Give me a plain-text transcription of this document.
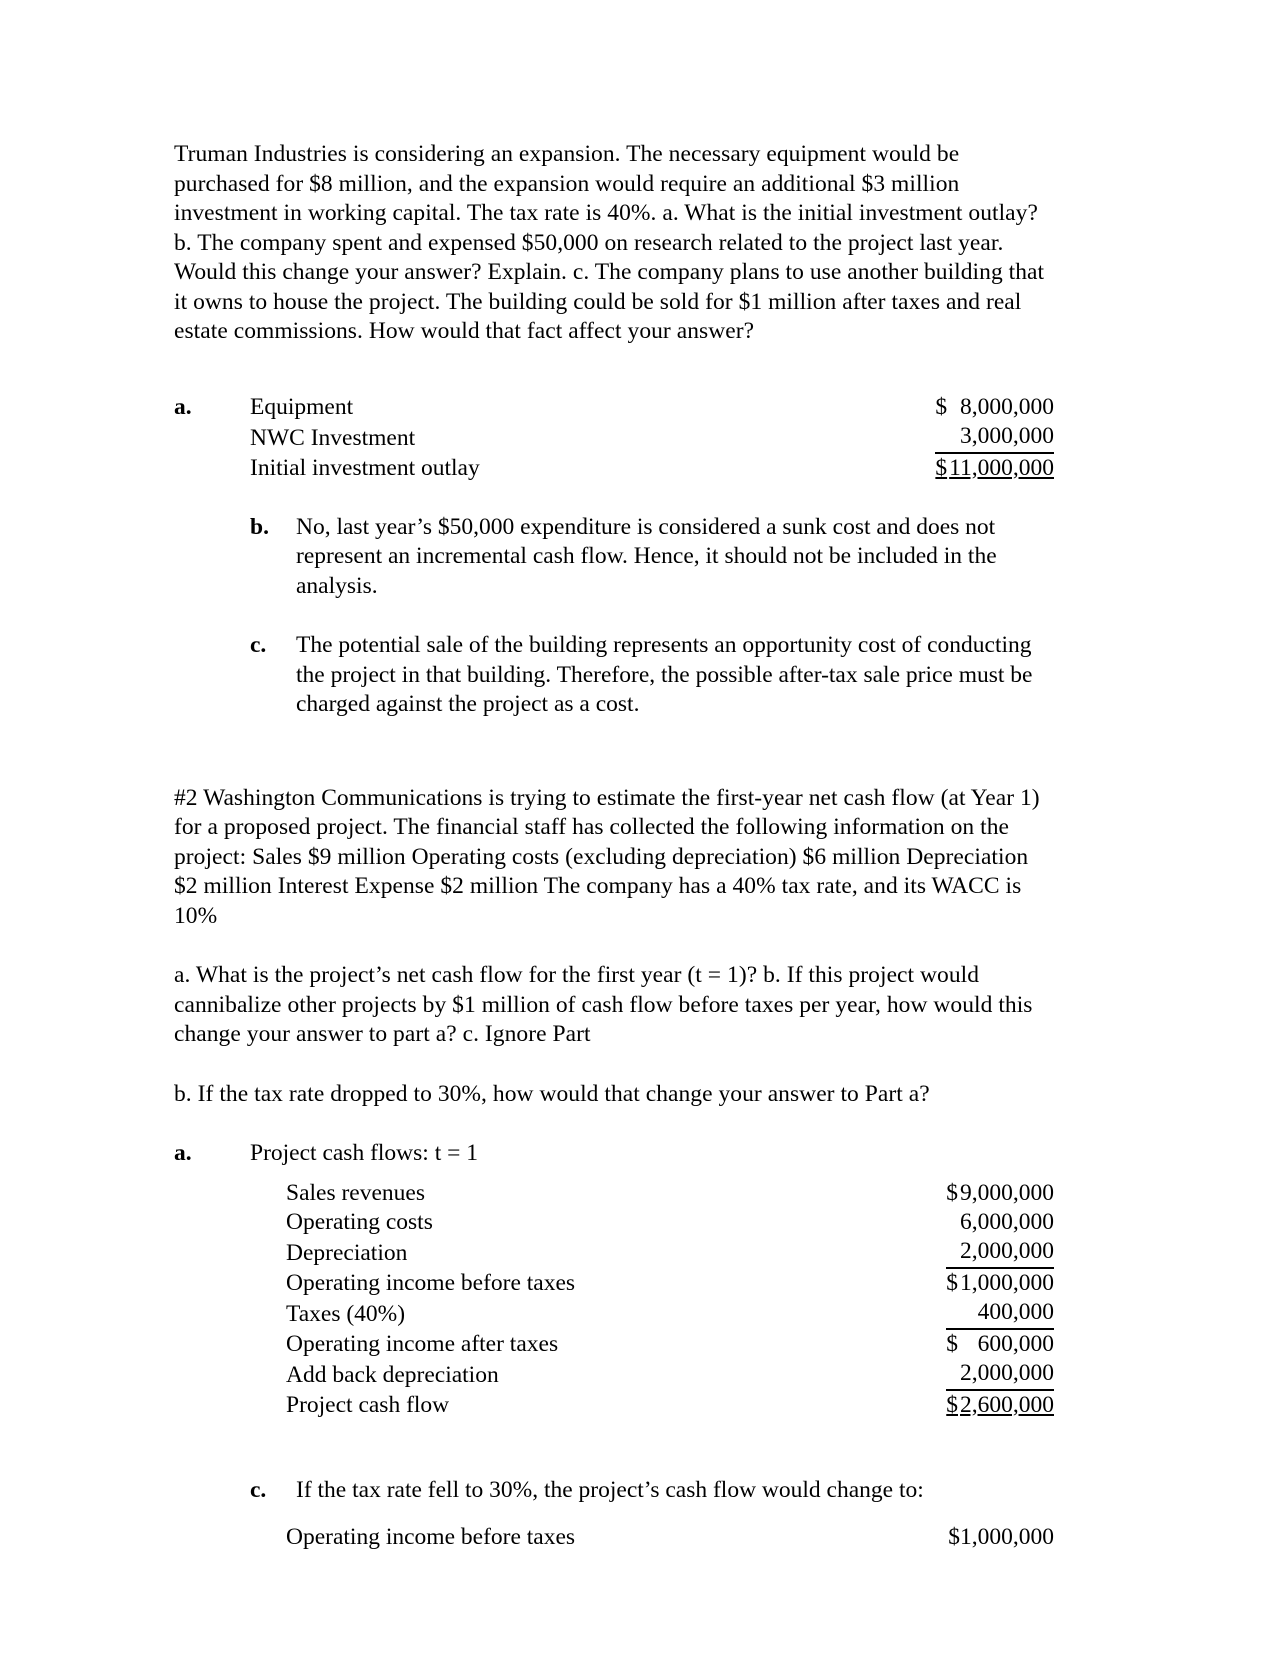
Truman Industries is considering an expansion. The necessary equipment would be purchased for $8 million, and the expansion would require an additional $3 million investment in working capital. The tax rate is 40%. a. What is the initial investment outlay? b. The company spent and expensed $50,000 on research related to the project last year. Would this change your answer? Explain. c. The company plans to use another building that it owns to house the project. The building could be sold for $1 million after taxes and real estate commissions. How would that fact affect your answer?

a.	Equipment			$	8,000,000
NWC Investment				3,000,000
Initial investment outlay			$	11,000,000
b.	No, last year’s $50,000 expenditure is considered a sunk cost and does not represent an incremental cash flow. Hence, it should not be included in the analysis.
c.	The potential sale of the building represents an opportunity cost of conducting the project in that building. Therefore, the possible after-tax sale price must be charged against the project as a cost.

#2 Washington Communications is trying to estimate the first-year net cash flow (at Year 1) for a proposed project. The financial staff has collected the following information on the project: Sales $9 million Operating costs (excluding depreciation) $6 million Depreciation $2 million Interest Expense $2 million The company has a 40% tax rate, and its WACC is 10%

a. What is the project’s net cash flow for the first year (t = 1)? b. If this project would cannibalize other projects by $1 million of cash flow before taxes per year, how would this change your answer to part a? c. Ignore Part

b. If the tax rate dropped to 30%, how would that change your answer to Part a?

a.	Project cash flows: t = 1
Sales revenues			$	9,000,000
Operating costs				6,000,000
Depreciation				2,000,000
Operating income before taxes			$	1,000,000
Taxes (40%)				400,000
Operating income after taxes			$	600,000
Add back depreciation				2,000,000
Project cash flow			$	2,600,000
c.	If the tax rate fell to 30%, the project’s cash flow would change to:
Operating income before taxes				$1,000,000
